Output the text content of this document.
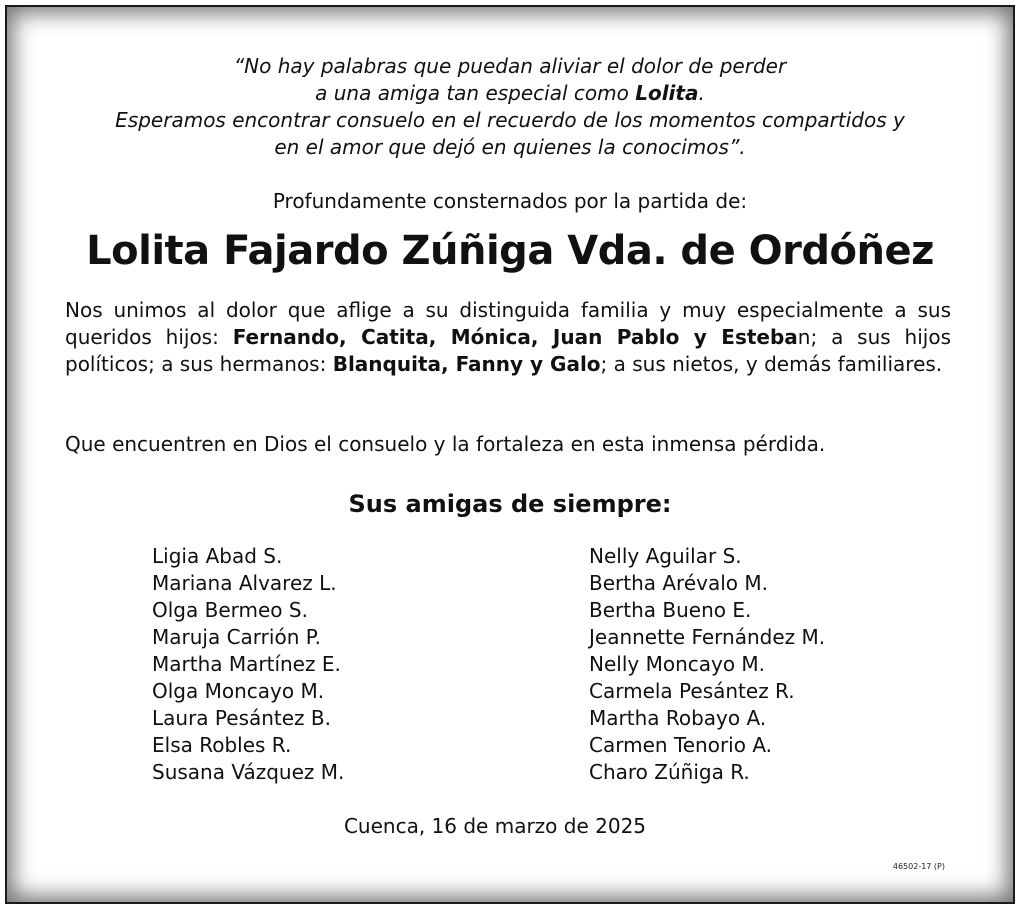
“No hay palabras que puedan aliviar el dolor de perder
a una amiga tan especial como Lolita.
Esperamos encontrar consuelo en el recuerdo de los momentos compartidos y
en el amor que dejó en quienes la conocimos”.
Profundamente consternados por la partida de:
Lolita Fajardo Zúñiga Vda. de Ordóñez
Nos unimos al dolor que aflige a su distinguida familia y muy especialmente a sus queridos hijos: Fernando, Catita, Mónica, Juan Pablo y Esteban; a sus hijos políticos; a sus hermanos: Blanquita, Fanny y Galo; a sus nietos, y demás familiares.
Que encuentren en Dios el consuelo y la fortaleza en esta inmensa pérdida.
Sus amigas de siempre:
Ligia Abad S.
Mariana Alvarez L.
Olga Bermeo S.
Maruja Carrión P.
Martha Martínez E.
Olga Moncayo M.
Laura Pesántez B.
Elsa Robles R.
Susana Vázquez M.
Nelly Aguilar S.
Bertha Arévalo M.
Bertha Bueno E.
Jeannette Fernández M.
Nelly Moncayo M.
Carmela Pesántez R.
Martha Robayo A.
Carmen Tenorio A.
Charo Zúñiga R.
Cuenca, 16 de marzo de 2025
46502-17 (P)
